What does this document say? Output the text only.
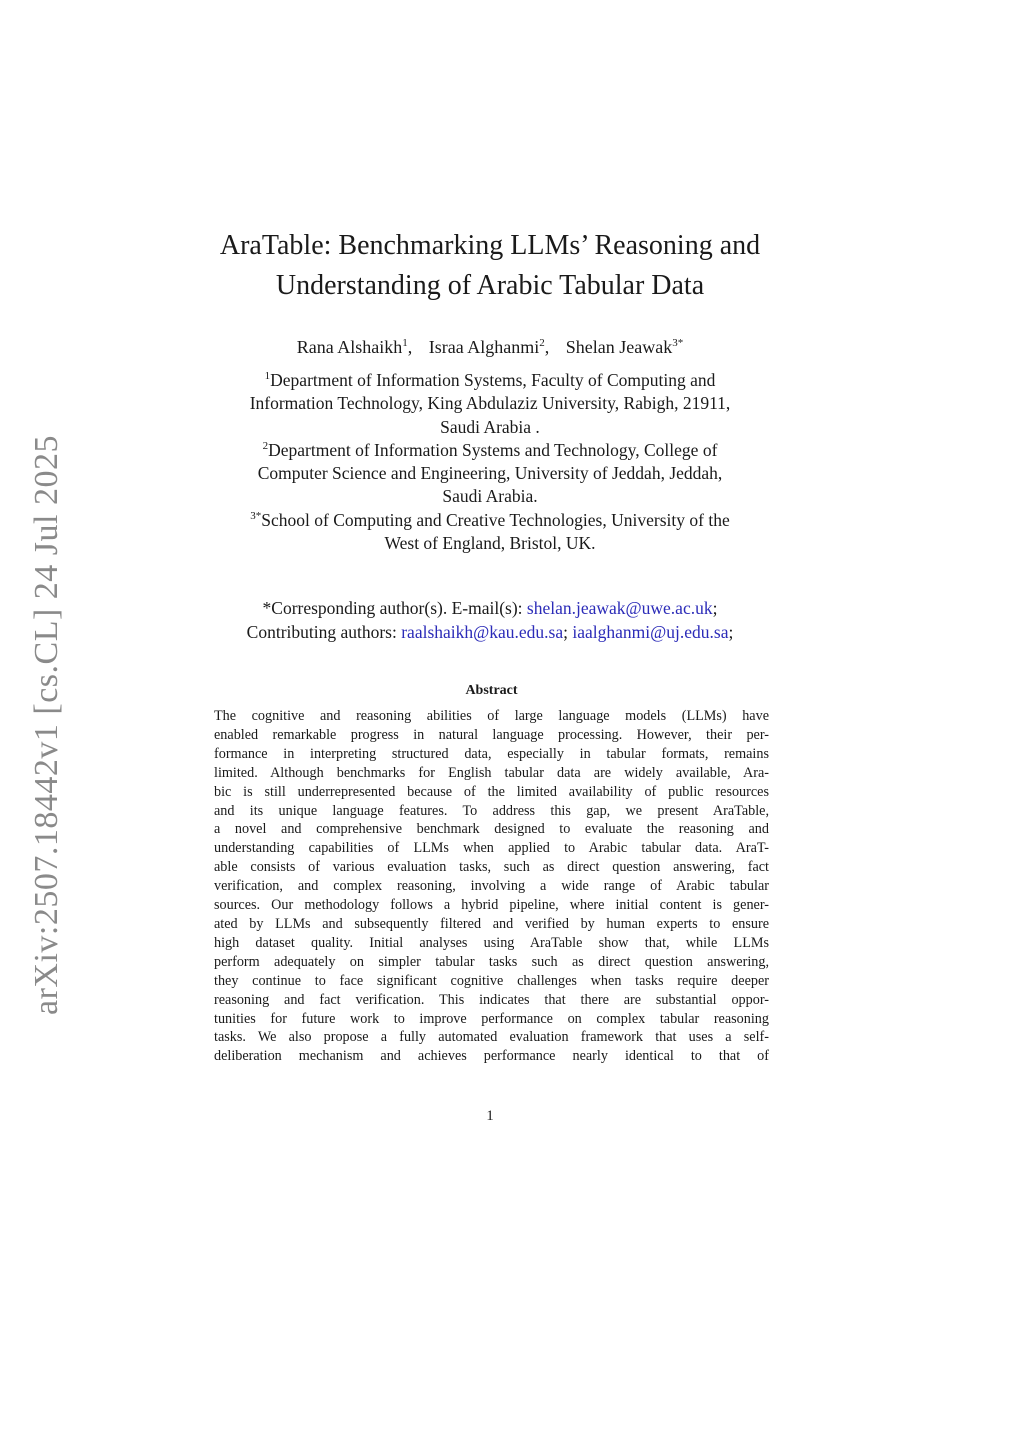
arXiv:2507.18442v1 [cs.CL] 24 Jul 2025
AraTable: Benchmarking LLMs’ Reasoning and
Understanding of Arabic Tabular Data
Rana Alshaikh$^1$, Israa Alghanmi$^2$, Shelan Jeawak$^{3*}$
$^1$Department of Information Systems, Faculty of Computing and
Information Technology, King Abdulaziz University, Rabigh, 21911,
Saudi Arabia .
$^2$Department of Information Systems and Technology, College of
Computer Science and Engineering, University of Jeddah, Jeddah,
Saudi Arabia.
$^{3*}$School of Computing and Creative Technologies, University of the
West of England, Bristol, UK.
*Corresponding author(s). E-mail(s): shelan.jeawak@uwe.ac.uk;
Contributing authors: raalshaikh@kau.edu.sa; iaalghanmi@uj.edu.sa;
Abstract
The cognitive and reasoning abilities of large language models (LLMs) have
enabled remarkable progress in natural language processing. However, their per-
formance in interpreting structured data, especially in tabular formats, remains
limited. Although benchmarks for English tabular data are widely available, Ara-
bic is still underrepresented because of the limited availability of public resources
and its unique language features. To address this gap, we present AraTable,
a novel and comprehensive benchmark designed to evaluate the reasoning and
understanding capabilities of LLMs when applied to Arabic tabular data. AraT-
able consists of various evaluation tasks, such as direct question answering, fact
verification, and complex reasoning, involving a wide range of Arabic tabular
sources. Our methodology follows a hybrid pipeline, where initial content is gener-
ated by LLMs and subsequently filtered and verified by human experts to ensure
high dataset quality. Initial analyses using AraTable show that, while LLMs
perform adequately on simpler tabular tasks such as direct question answering,
they continue to face significant cognitive challenges when tasks require deeper
reasoning and fact verification. This indicates that there are substantial oppor-
tunities for future work to improve performance on complex tabular reasoning
tasks. We also propose a fully automated evaluation framework that uses a self-
deliberation mechanism and achieves performance nearly identical to that of
1
